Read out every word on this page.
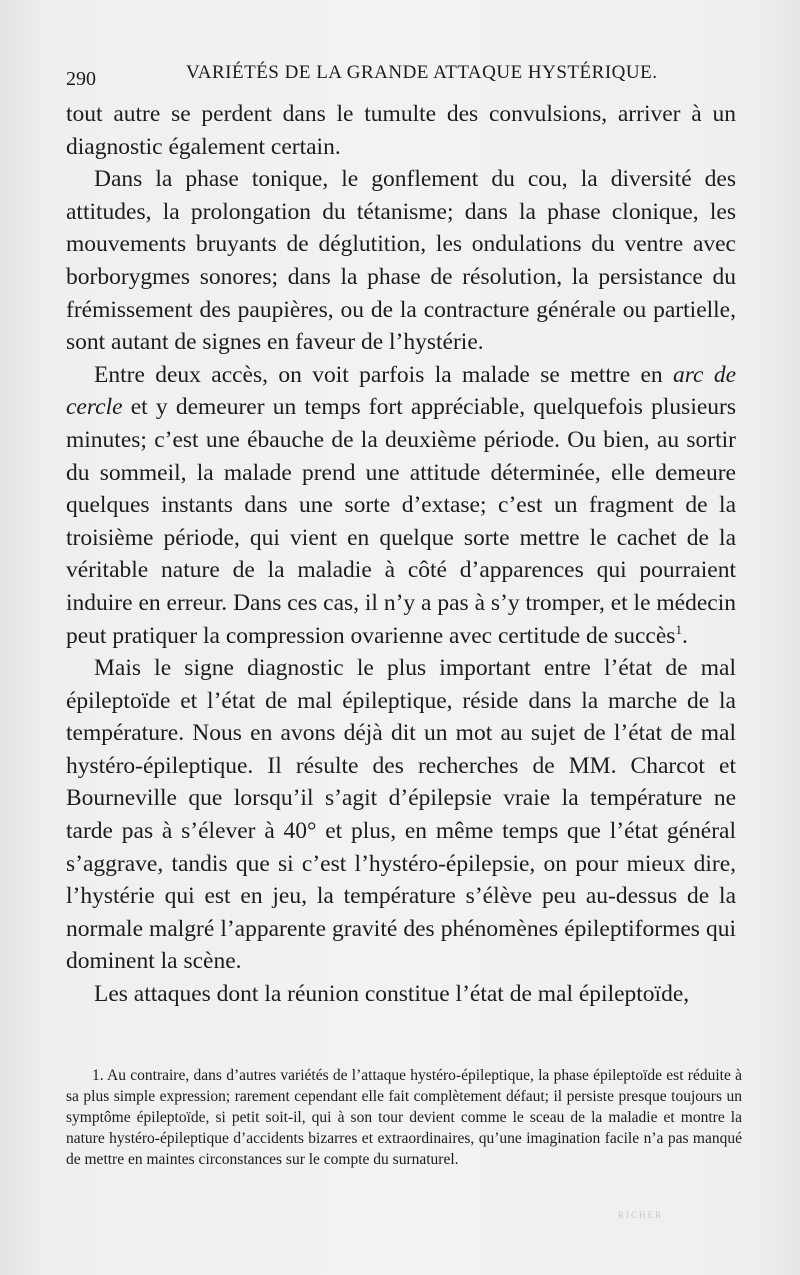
290	VARIÉTÉS DE LA GRANDE ATTAQUE HYSTÉRIQUE.

tout autre se perdent dans le tumulte des convulsions, arriver à un diagnostic également certain.

Dans la phase tonique, le gonflement du cou, la diversité des attitudes, la prolongation du tétanisme; dans la phase clonique, les mouvements bruyants de déglutition, les ondulations du ventre avec borborygmes sonores; dans la phase de résolution, la persistance du frémissement des paupières, ou de la contracture générale ou partielle, sont autant de signes en faveur de l’hystérie.

Entre deux accès, on voit parfois la malade se mettre en arc de cercle et y demeurer un temps fort appréciable, quelquefois plusieurs minutes; c’est une ébauche de la deuxième période. Ou bien, au sortir du sommeil, la malade prend une attitude déterminée, elle demeure quelques instants dans une sorte d’extase; c’est un fragment de la troisième période, qui vient en quelque sorte mettre le cachet de la véritable nature de la maladie à côté d’apparences qui pourraient induire en erreur. Dans ces cas, il n’y a pas à s’y tromper, et le médecin peut pratiquer la compression ovarienne avec certitude de succès$^1$.

Mais le signe diagnostic le plus important entre l’état de mal épileptoïde et l’état de mal épileptique, réside dans la marche de la température. Nous en avons déjà dit un mot au sujet de l’état de mal hystéro-épileptique. Il résulte des recherches de MM. Charcot et Bourneville que lorsqu’il s’agit d’épilepsie vraie la température ne tarde pas à s’élever à 40° et plus, en même temps que l’état général s’aggrave, tandis que si c’est l’hystéro-épilepsie, on pour mieux dire, l’hystérie qui est en jeu, la température s’élève peu au-dessus de la normale malgré l’apparente gravité des phénomènes épileptiformes qui dominent la scène.

Les attaques dont la réunion constitue l’état de mal épileptoïde,

1. Au contraire, dans d’autres variétés de l’attaque hystéro-épileptique, la phase épileptoïde est réduite à sa plus simple expression; rarement cependant elle fait complètement défaut; il persiste presque toujours un symptôme épileptoïde, si petit soit-il, qui à son tour devient comme le sceau de la maladie et montre la nature hystéro-épileptique d’accidents bizarres et extraordinaires, qu’une imagination facile n’a pas manqué de mettre en maintes circonstances sur le compte du surnaturel.

RICHER
